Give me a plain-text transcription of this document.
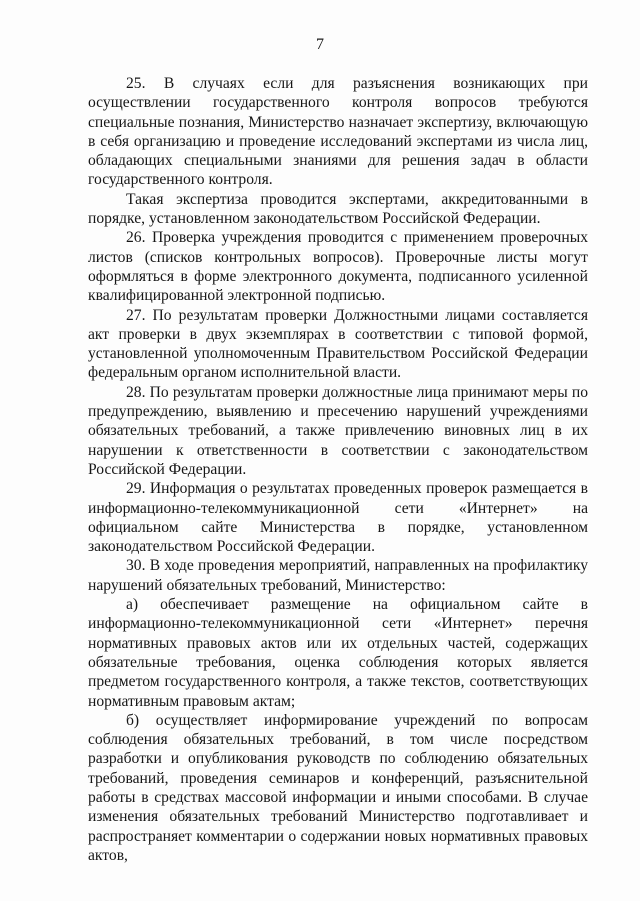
7

25. В случаях если для разъяснения возникающих при осуществлении государственного контроля вопросов требуются специальные познания, Министерство назначает экспертизу, включающую в себя организацию и проведение исследований экспертами из числа лиц, обладающих специальными знаниями для решения задач в области государственного контроля.

Такая экспертиза проводится экспертами, аккредитованными в порядке, установленном законодательством Российской Федерации.

26. Проверка учреждения проводится с применением проверочных листов (списков контрольных вопросов). Проверочные листы могут оформляться в форме электронного документа, подписанного усиленной квалифицированной электронной подписью.

27. По результатам проверки Должностными лицами составляется акт проверки в двух экземплярах в соответствии с типовой формой, установленной уполномоченным Правительством Российской Федерации федеральным органом исполнительной власти.

28. По результатам проверки должностные лица принимают меры по предупреждению, выявлению и пресечению нарушений учреждениями обязательных требований, а также привлечению виновных лиц в их нарушении к ответственности в соответствии с законодательством Российской Федерации.

29. Информация о результатах проведенных проверок размещается в информационно-телекоммуникационной сети «Интернет» на официальном сайте Министерства в порядке, установленном законодательством Российской Федерации.

30. В ходе проведения мероприятий, направленных на профилактику нарушений обязательных требований, Министерство:

а) обеспечивает размещение на официальном сайте в информационно-телекоммуникационной сети «Интернет» перечня нормативных правовых актов или их отдельных частей, содержащих обязательные требования, оценка соблюдения которых является предметом государственного контроля, а также текстов, соответствующих нормативным правовым актам;

б) осуществляет информирование учреждений по вопросам соблюдения обязательных требований, в том числе посредством разработки и опубликования руководств по соблюдению обязательных требований, проведения семинаров и конференций, разъяснительной работы в средствах массовой информации и иными способами. В случае изменения обязательных требований Министерство подготавливает и распространяет комментарии о содержании новых нормативных правовых актов,
